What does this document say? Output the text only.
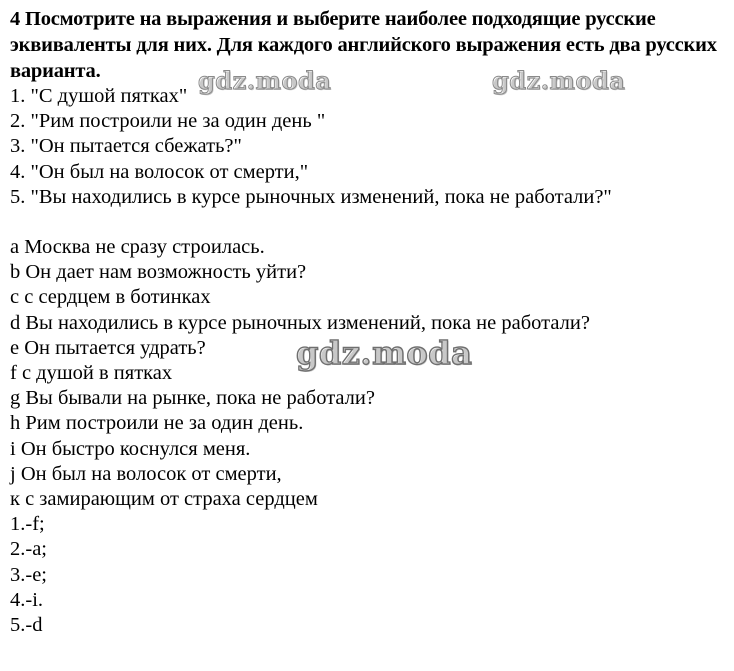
4 Посмотрите на выражения и выберите наиболее подходящие русские эквиваленты для них. Для каждого английского выражения есть два русских варианта.

1. "С душой пятках"

2. "Рим построили не за один день "

3. "Он пытается сбежать?"

4. "Он был на волосок от смерти,"

5. "Вы находились в курсе рыночных изменений, пока не работали?"

a Москва не сразу строилась.

b Он дает нам возможность уйти?

c с сердцем в ботинках

d Вы находились в курсе рыночных изменений, пока не работали?

e Он пытается удрать?

f с душой в пятках

g Вы бывали на рынке, пока не работали?

h Рим построили не за один день.

i Он быстро коснулся меня.

j Он был на волосок от смерти,

к с замирающим от страха сердцем

1.-f;

2.-a;

3.-e;

4.-i.

5.-d

gdz.moda	gdz.moda
gdz.moda
